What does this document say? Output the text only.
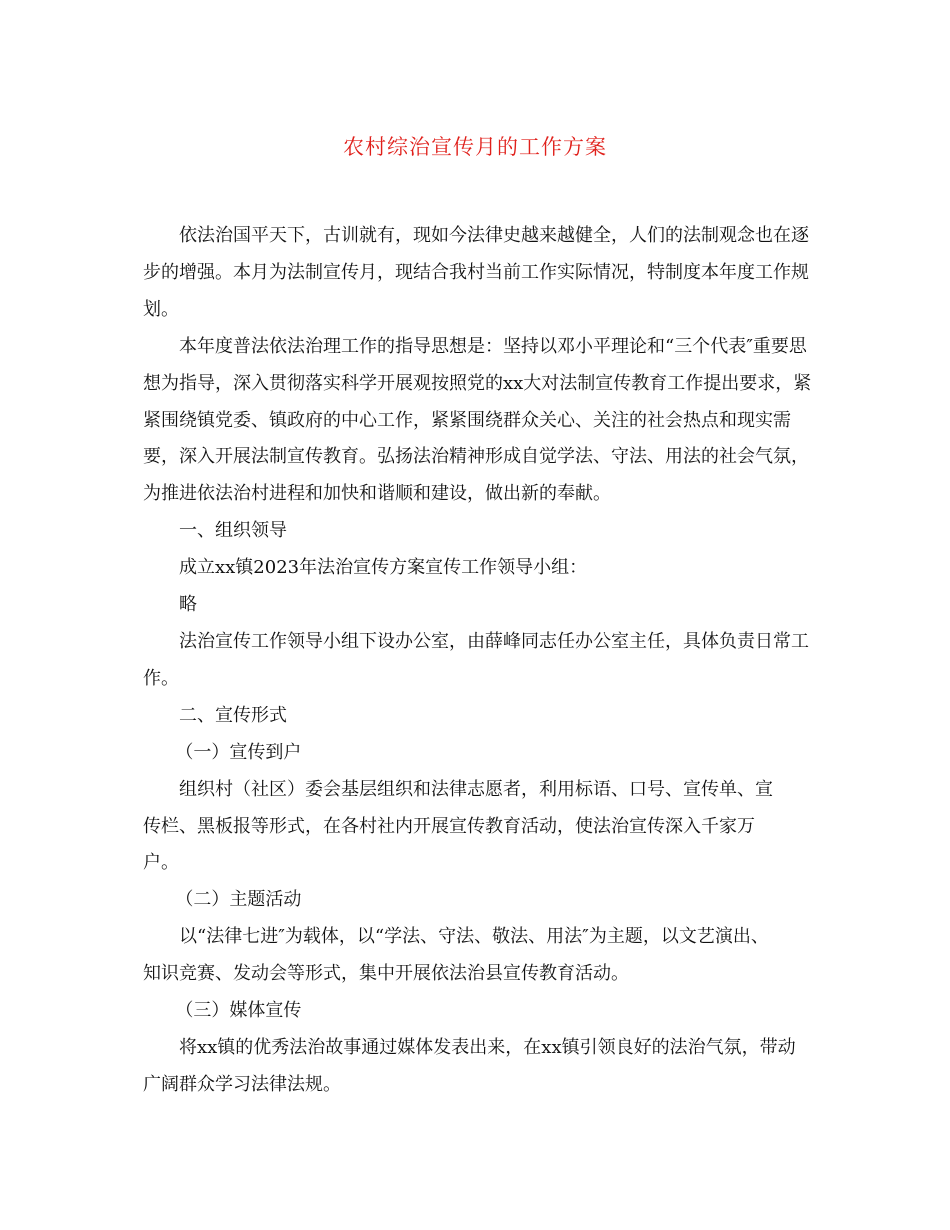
农村综治宣传月的工作方案

依法治国平天下，古训就有，现如今法律史越来越健全，人们的法制观念也在逐步的增强。本月为法制宣传月，现结合我村当前工作实际情况，特制度本年度工作规划。

本年度普法依法治理工作的指导思想是：坚持以邓小平理论和“三个代表″重要思想为指导，深入贯彻落实科学开展观按照党的xx大对法制宣传教育工作提出要求，紧紧围绕镇党委、镇政府的中心工作，紧紧围绕群众关心、关注的社会热点和现实需要，深入开展法制宣传教育。弘扬法治精神形成自觉学法、守法、用法的社会气氛，为推进依法治村进程和加快和谐顺和建设，做出新的奉献。

一、组织领导

成立xx镇2023年法治宣传方案宣传工作领导小组：

略

法治宣传工作领导小组下设办公室，由薛峰同志任办公室主任，具体负责日常工作。

二、宣传形式

（一）宣传到户

组织村（社区）委会基层组织和法律志愿者，利用标语、口号、宣传单、宣传栏、黑板报等形式，在各村社内开展宣传教育活动，使法治宣传深入千家万户。

（二）主题活动

以“法律七进″为载体，以“学法、守法、敬法、用法″为主题，以文艺演出、知识竞赛、发动会等形式，集中开展依法治县宣传教育活动。

（三）媒体宣传

将xx镇的优秀法治故事通过媒体发表出来，在xx镇引领良好的法治气氛，带动广阔群众学习法律法规。
